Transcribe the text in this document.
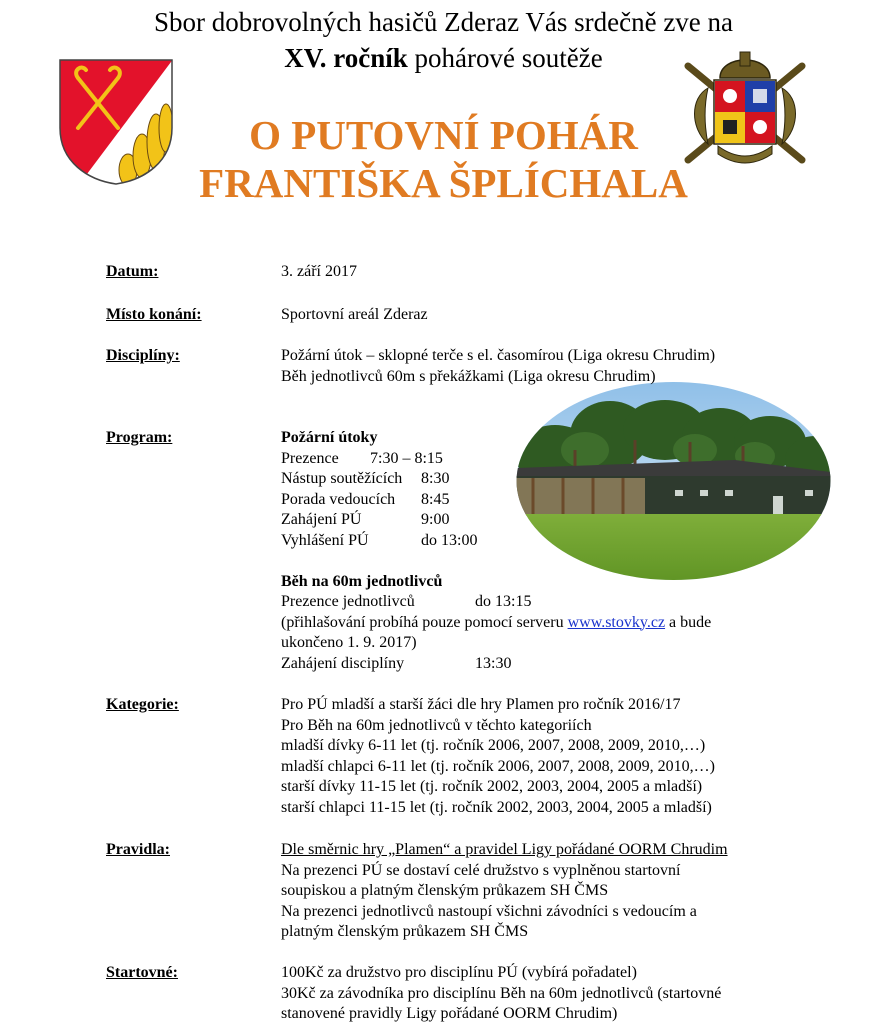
Sbor dobrovolných hasičů Zderaz Vás srdečně zve na
XV. ročník pohárové soutěže
O PUTOVNÍ POHÁR
FRANTIŠKA ŠPLÍCHALA
Datum:	3. září 2017
Místo konání:	Sportovní areál Zderaz
Disciplíny:	Požární útok – sklopné terče s el. časomírou (Liga okresu Chrudim)
Běh jednotlivců 60m s překážkami (Liga okresu Chrudim)
Program:	Požární útoky
Prezence 7:30 – 8:15
Nástup soutěžících 8:30
Porada vedoucích 8:45
Zahájení PÚ	9:00
Vyhlášení PÚ	do 13:00
Běh na 60m jednotlivců
Prezence jednotlivců	do 13:15
(přihlašování probíhá pouze pomocí serveru www.stovky.cz a bude
ukončeno 1. 9. 2017)
Zahájení disciplíny	13:30
Kategorie:	Pro PÚ mladší a starší žáci dle hry Plamen pro ročník 2016/17
Pro Běh na 60m jednotlivců v těchto kategoriích
mladší dívky 6-11 let (tj. ročník 2006, 2007, 2008, 2009, 2010,…)
mladší chlapci 6-11 let (tj. ročník 2006, 2007, 2008, 2009, 2010,…)
starší dívky 11-15 let (tj. ročník 2002, 2003, 2004, 2005 a mladší)
starší chlapci 11-15 let (tj. ročník 2002, 2003, 2004, 2005 a mladší)
Pravidla:	Dle směrnic hry „Plamen“ a pravidel Ligy pořádané OORM Chrudim
Na prezenci PÚ se dostaví celé družstvo s vyplněnou startovní
soupiskou a platným členským průkazem SH ČMS
Na prezenci jednotlivců nastoupí všichni závodníci s vedoucím a
platným členským průkazem SH ČMS
Startovné:	100Kč za družstvo pro disciplínu PÚ (vybírá pořadatel)
30Kč za závodníka pro disciplínu Běh na 60m jednotlivců (startovné
stanovené pravidly Ligy pořádané OORM Chrudim)
